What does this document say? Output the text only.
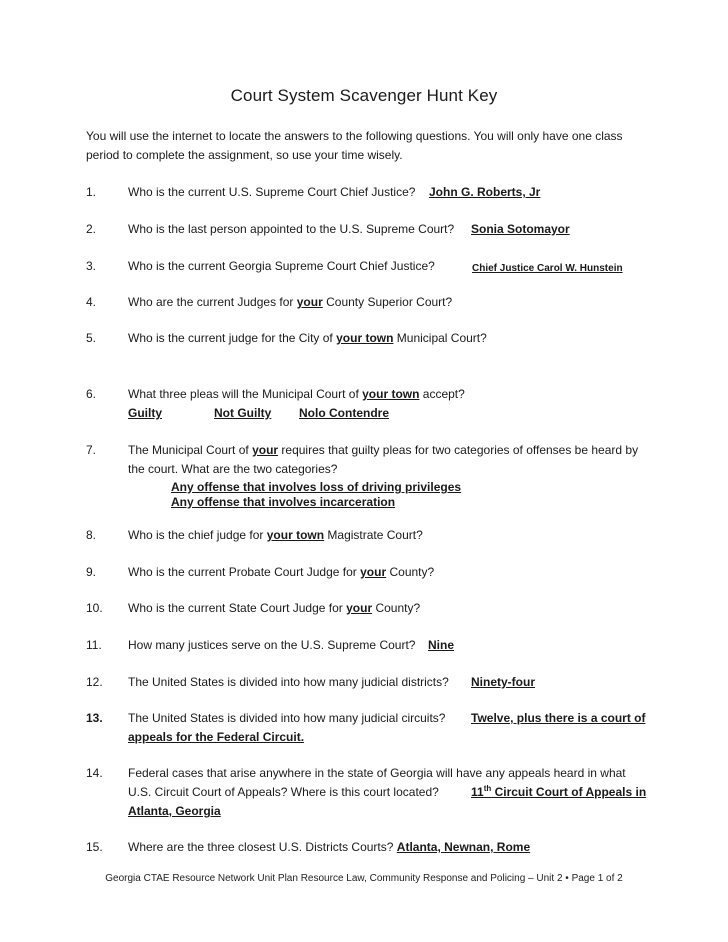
Court System Scavenger Hunt Key
You will use the internet to locate the answers to the following questions. You will only have one class period to complete the assignment, so use your time wisely.
1.	Who is the current U.S. Supreme Court Chief Justice?	John G. Roberts, Jr
2.	Who is the last person appointed to the U.S. Supreme Court?	Sonia Sotomayor
3.	Who is the current Georgia Supreme Court Chief Justice?	Chief Justice Carol W. Hunstein
4.	Who are the current Judges for your County Superior Court?
5.	Who is the current judge for the City of your town Municipal Court?
6.	What three pleas will the Municipal Court of your town accept?
Guilty	Not Guilty Nolo Contendre
7.	The Municipal Court of your requires that guilty pleas for two categories of offenses be heard by the court. What are the two categories?
Any offense that involves loss of driving privileges
Any offense that involves incarceration
8.	Who is the chief judge for your town Magistrate Court?
9.	Who is the current Probate Court Judge for your County?
10. Who is the current State Court Judge for your County?
11. How many justices serve on the U.S. Supreme Court?	Nine
12. The United States is divided into how many judicial districts?	Ninety-four
13. The United States is divided into how many judicial circuits?	Twelve, plus there is a court of
appeals for the Federal Circuit.
14. Federal cases that arise anywhere in the state of Georgia will have any appeals heard in what
U.S. Circuit Court of Appeals? Where is this court located?	11th Circuit Court of Appeals in
Atlanta, Georgia
15. Where are the three closest U.S. Districts Courts? Atlanta, Newnan, Rome
Georgia CTAE Resource Network Unit Plan Resource Law, Community Response and Policing – Unit 2 • Page 1 of 2
